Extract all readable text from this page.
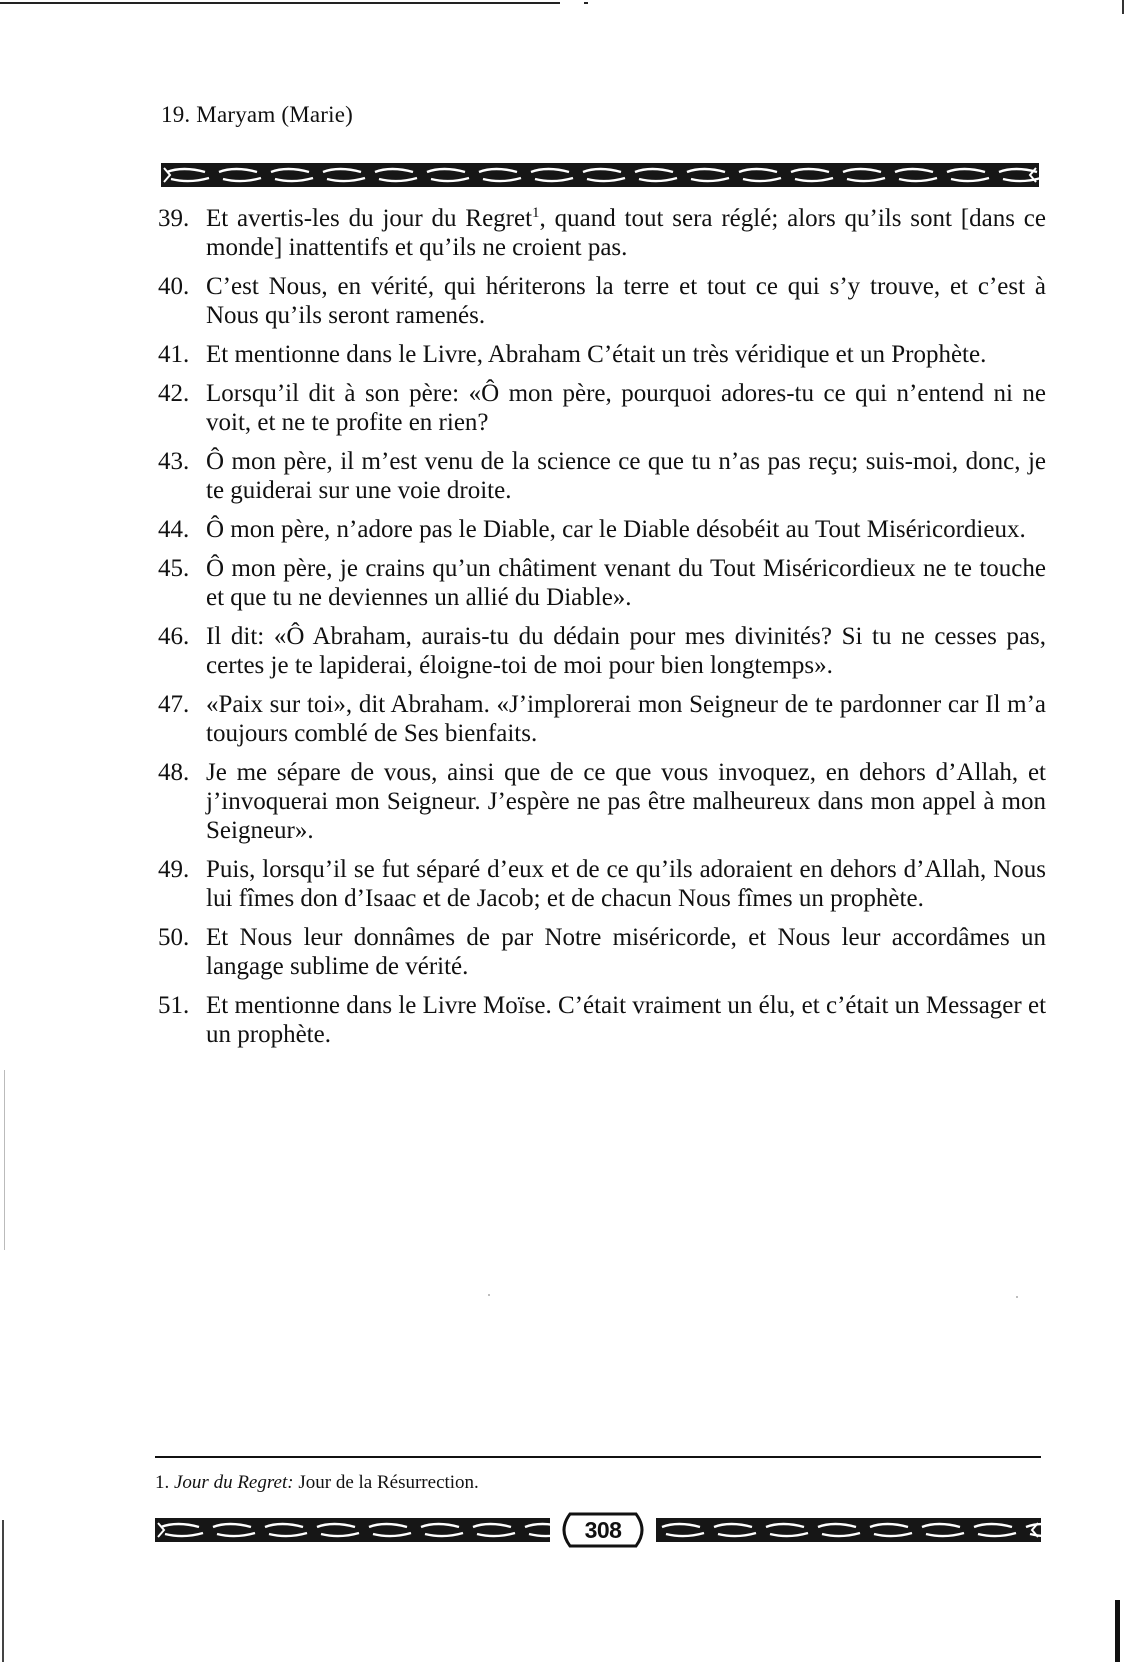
19. Maryam (Marie)
39. Et avertis-les du jour du Regret$^1$, quand tout sera réglé; alors qu’ils sont [dans ce monde] inattentifs et qu’ils ne croient pas.
40. C’est Nous, en vérité, qui hériterons la terre et tout ce qui s’y trouve, et c’est à Nous qu’ils seront ramenés.
41. Et mentionne dans le Livre, Abraham C’était un très véridique et un Prophète.
42. Lorsqu’il dit à son père: «Ô mon père, pourquoi adores-tu ce qui n’entend ni ne voit, et ne te profite en rien?
43. Ô mon père, il m’est venu de la science ce que tu n’as pas reçu; suis-moi, donc, je te guiderai sur une voie droite.
44. Ô mon père, n’adore pas le Diable, car le Diable désobéit au Tout Miséricordieux.
45. Ô mon père, je crains qu’un châtiment venant du Tout Miséricordieux ne te touche et que tu ne deviennes un allié du Diable».
46. Il dit: «Ô Abraham, aurais-tu du dédain pour mes divinités? Si tu ne cesses pas, certes je te lapiderai, éloigne-toi de moi pour bien longtemps».
47. «Paix sur toi», dit Abraham. «J’implorerai mon Seigneur de te pardonner car Il m’a toujours comblé de Ses bienfaits.
48. Je me sépare de vous, ainsi que de ce que vous invoquez, en dehors d’Allah, et j’invoquerai mon Seigneur. J’espère ne pas être malheureux dans mon appel à mon Seigneur».
49. Puis, lorsqu’il se fut séparé d’eux et de ce qu’ils adoraient en dehors d’Allah, Nous lui fîmes don d’Isaac et de Jacob; et de chacun Nous fîmes un prophète.
50. Et Nous leur donnâmes de par Notre miséricorde, et Nous leur accordâmes un langage sublime de vérité.
51. Et mentionne dans le Livre Moïse. C’était vraiment un élu, et c’était un Messager et un prophète.
1. Jour du Regret: Jour de la Résurrection.
308
